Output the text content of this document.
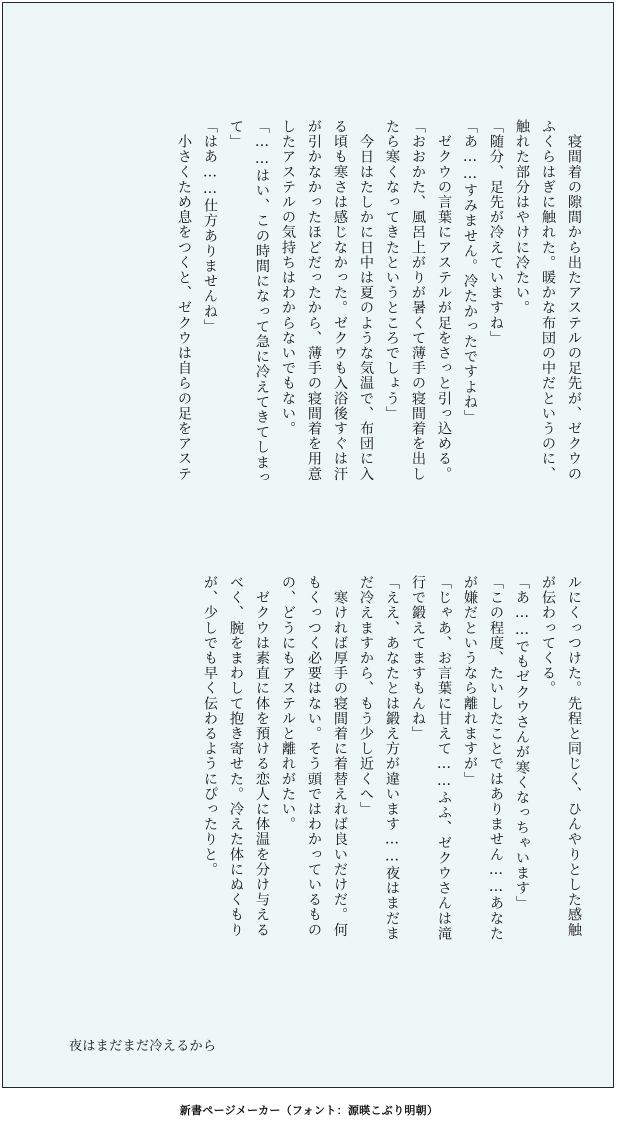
　寝間着の隙間から出たアステルの足先が、ゼクウの

ふくらはぎに触れた。暖かな布団の中だというのに、

触れた部分はやけに冷たい。

「随分、足先が冷えていますね」

「あ……すみません。冷たかったですよね」

　ゼクウの言葉にアステルが足をさっと引っ込める。

「おおかた、風呂上がりが暑くて薄手の寝間着を出し

たら寒くなってきたというところでしょう」

　今日はたしかに日中は夏のような気温で、布団に入

る頃も寒さは感じなかった。ゼクウも入浴後すぐは汗

が引かなかったほどだったから、薄手の寝間着を用意

したアステルの気持ちはわからないでもない。

「……はい、この時間になって急に冷えてきてしまっ

て」

「はあ……仕方ありませんね」

　小さくため息をつくと、ゼクウは自らの足をアステ

ルにくっつけた。先程と同じく、ひんやりとした感触

が伝わってくる。

「あ……でもゼクウさんが寒くなっちゃいます」

「この程度、たいしたことではありません……あなた

が嫌だというなら離れますが」

「じゃあ、お言葉に甘えて……ふふ、ゼクウさんは滝

行で鍛えてますもんね」

「ええ、あなたとは鍛え方が違います……夜はまだま

だ冷えますから、もう少し近くへ」

　寒ければ厚手の寝間着に着替えれば良いだけだ。何

もくっつく必要はない。そう頭ではわかっているもの

の、どうにもアステルと離れがたい。

　ゼクウは素直に体を預ける恋人に体温を分け与える

べく、腕をまわして抱き寄せた。冷えた体にぬくもり

が、少しでも早く伝わるようにぴったりと。

夜はまだまだ冷えるから
新書ページメーカー（フォント：源暎こぶり明朝）
